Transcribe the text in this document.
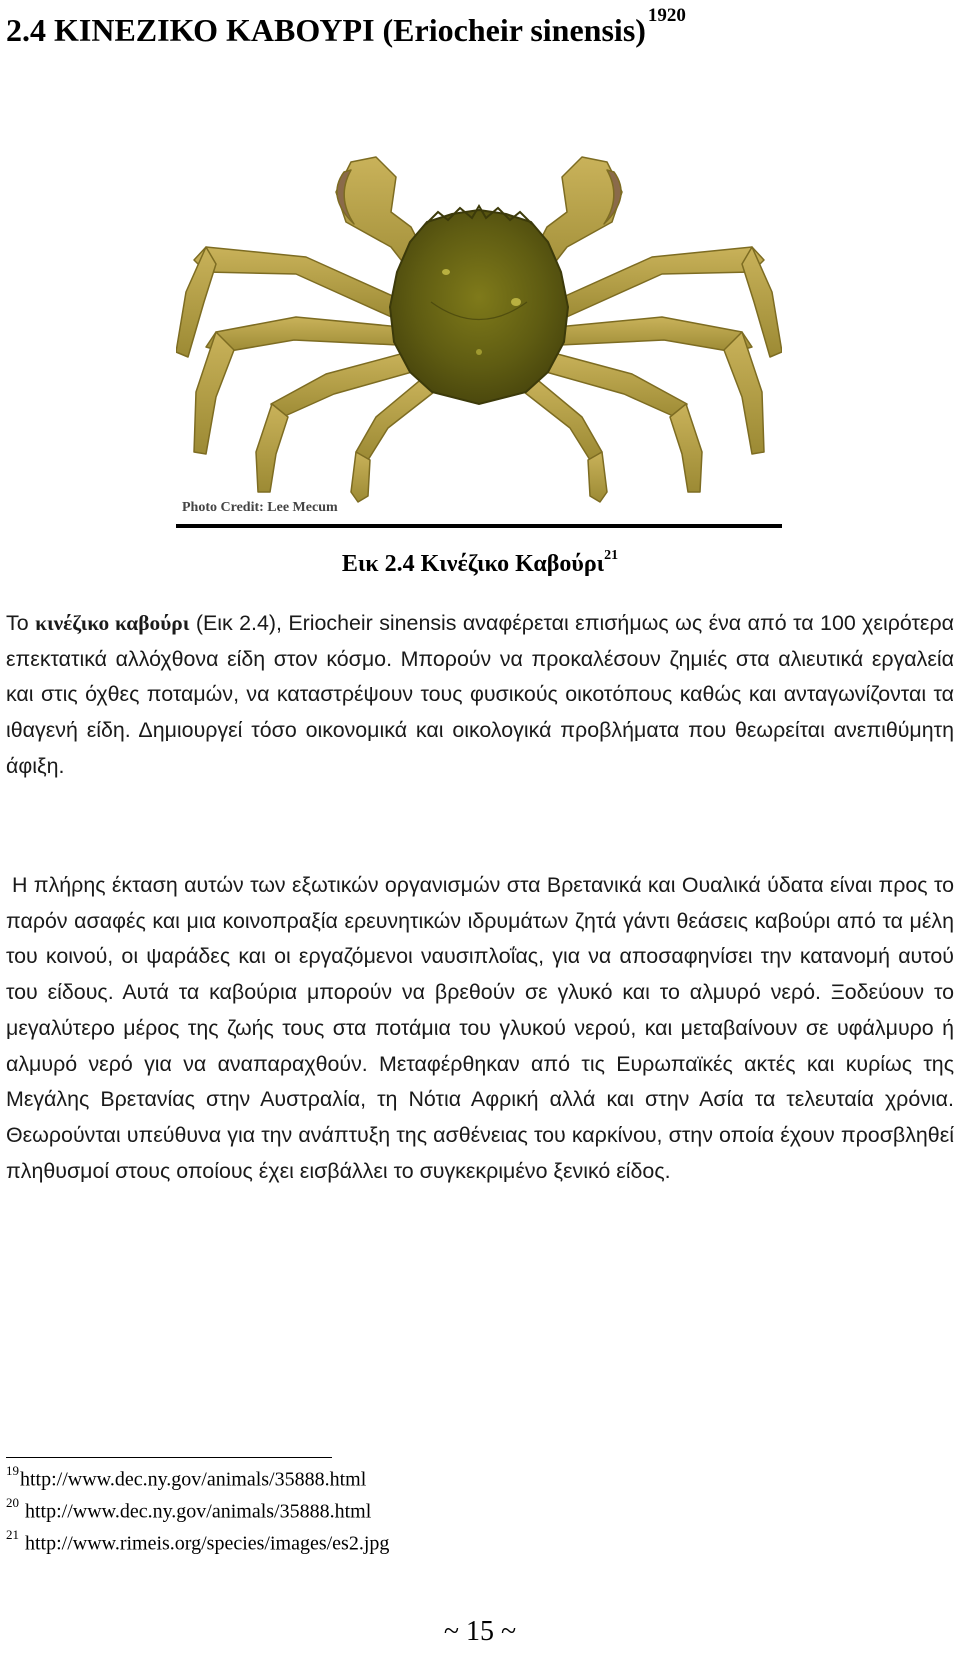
2.4 ΚΙΝΕΖΙΚΟ ΚΑΒΟΥΡΙ (Eriocheir sinensis) $^{1920}$
Photo Credit: Lee Mecum
Εικ 2.4 Κινέζικο Καβούρι$^{21}$

Το κινέζικο καβούρι (Εικ 2.4), Eriocheir sinensis αναφέρεται επισήμως ως ένα από τα 100 χειρότερα επεκτατικά αλλόχθονα είδη στον κόσμο. Μπορούν να προκαλέσουν ζημιές στα αλιευτικά εργαλεία και στις όχθες ποταμών, να καταστρέψουν τους φυσικούς οικοτόπους καθώς και ανταγωνίζονται τα ιθαγενή είδη. Δημιουργεί τόσο οικονομικά και οικολογικά προβλήματα που θεωρείται ανεπιθύμητη άφιξη.

Η πλήρης έκταση αυτών των εξωτικών οργανισμών στα Βρετανικά και Ουαλικά ύδατα είναι προς το παρόν ασαφές και μια κοινοπραξία ερευνητικών ιδρυμάτων ζητά γάντι θεάσεις καβούρι από τα μέλη του κοινού, οι ψαράδες και οι εργαζόμενοι ναυσιπλοΐας, για να αποσαφηνίσει την κατανομή αυτού του είδους. Αυτά τα καβούρια μπορούν να βρεθούν σε γλυκό και το αλμυρό νερό. Ξοδεύουν το μεγαλύτερο μέρος της ζωής τους στα ποτάμια του γλυκού νερού, και μεταβαίνουν σε υφάλμυρο ή αλμυρό νερό για να αναπαραχθούν. Μεταφέρθηκαν από τις Ευρωπαϊκές ακτές και κυρίως της Μεγάλης Βρετανίας στην Αυστραλία, τη Νότια Αφρική αλλά και στην Ασία τα τελευταία χρόνια. Θεωρούνται υπεύθυνα για την ανάπτυξη της ασθένειας του καρκίνου, στην οποία έχουν προσβληθεί πληθυσμοί στους οποίους έχει εισβάλλει το συγκεκριμένο ξενικό είδος.

$^{19}$http://www.dec.ny.gov/animals/35888.html
$^{20}$ http://www.dec.ny.gov/animals/35888.html
$^{21}$ http://www.rimeis.org/species/images/es2.jpg
~ 15 ~
